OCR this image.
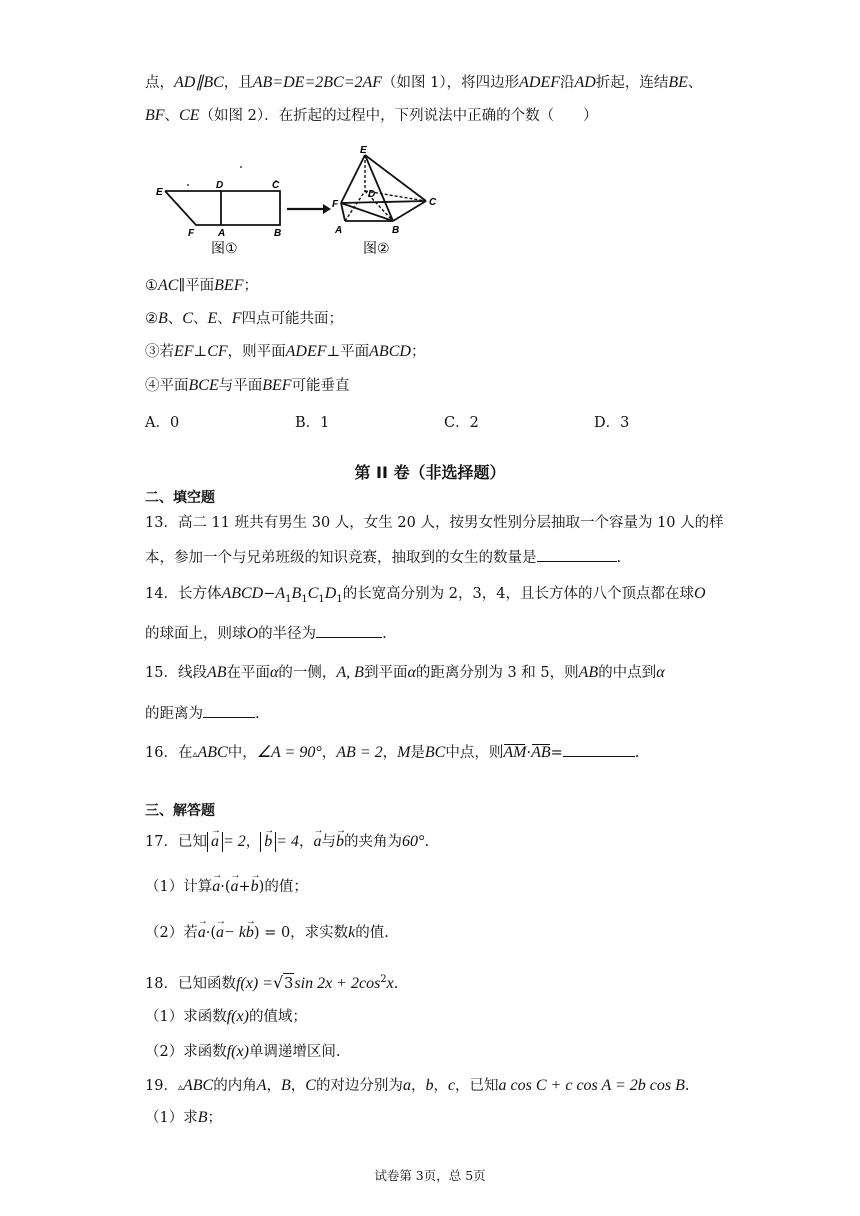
点，AD∥BC，且AB=DE=2BC=2AF（如图 1），将四边形ADEF沿AD折起，连结BE、
BF、CE（如图 2）．在折起的过程中，下列说法中正确的个数（　　）
E
D	C
F A	B
图①
E
D
C
F
A	B
图②
①AC∥平面BEF；
②B、C、E、F四点可能共面；
③若EF⊥CF，则平面ADEF⊥平面ABCD；
④平面BCE与平面BEF可能垂直
A．0	B．1	C．2	D．3
第 II 卷（非选择题）
二、填空题
13．高二 11 班共有男生 30 人，女生 20 人，按男女性别分层抽取一个容量为 10 人的样
本，参加一个与兄弟班级的知识竞赛，抽取到的女生的数量是	.
14．长方体$ABCD-A_1B_1C_1D_1$的长宽高分别为 2，3，4，且长方体的八个顶点都在球O
的球面上，则球O的半径为	.
15．线段AB在平面α的一侧，A, B到平面α的距离分别为 3 和 5，则AB的中点到α
的距离为	.
16．在▵ABC中，∠A = 90°，AB = 2，M是BC中点，则AM·AB=	.
三、解答题
17．已知 a → = 2， b → = 4，a →与b →的夹角为60°.
（1）计算a →·(a →+b →)的值；
（2）若a →·(a →− kb →) = 0，求实数k的值.
18．已知函数f(x) =√3sin $2x + 2\cos^2x$.
（1）求函数f(x)的值域；
（2）求函数f(x)单调递增区间.
19．▵ABC的内角A，B，C的对边分别为a，b，c，已知a cos C + c cos A = 2b cos B.
（1）求B；
试卷第 3页，总 5页
